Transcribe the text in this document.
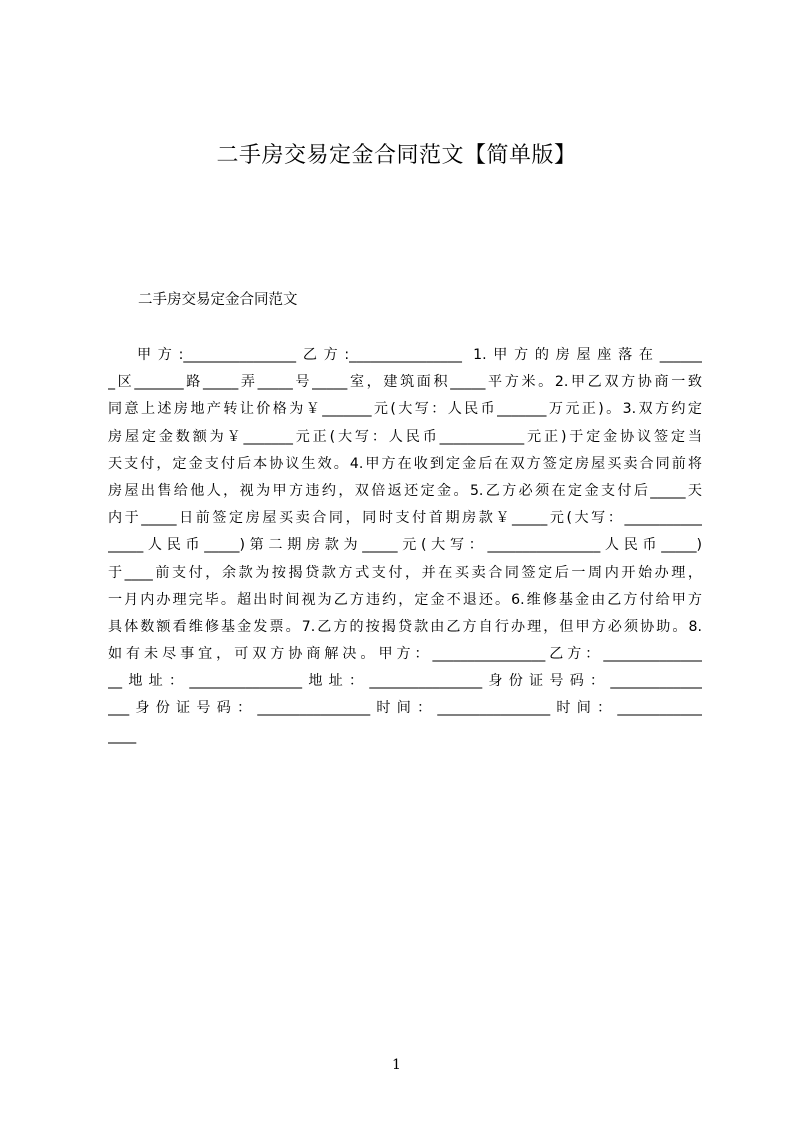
二手房交易定金合同范文【简单版】

二手房交易定金合同范文

甲方:________________乙方:________________ 1.甲方的房屋座落在______
_区_______路_____弄_____号_____室，建筑面积_____平方米。2.甲乙双方协商一致
同意上述房地产转让价格为￥_______元(大写：人民币_______万元正)。3.双方约定
房屋定金数额为￥_______元正(大写：人民币____________元正)于定金协议签定当
天支付，定金支付后本协议生效。4.甲方在收到定金后在双方签定房屋买卖合同前将
房屋出售给他人，视为甲方违约，双倍返还定金。5.乙方必须在定金支付后_____天
内于_____日前签定房屋买卖合同，同时支付首期房款￥_____元(大写：___________
_____人民币_____)第二期房款为_____元(大写：________________人民币_____)
于____前支付，余款为按揭贷款方式支付，并在买卖合同签定后一周内开始办理，
一月内办理完毕。超出时间视为乙方违约，定金不退还。6.维修基金由乙方付给甲方
具体数额看维修基金发票。7.乙方的按揭贷款由乙方自行办理，但甲方必须协助。8.
如有未尽事宜，可双方协商解决。甲方：________________乙方：______________
__地址：________________地址：________________身份证号码：_____________
___身份证号码：________________时间：________________时间：____________
____

1
